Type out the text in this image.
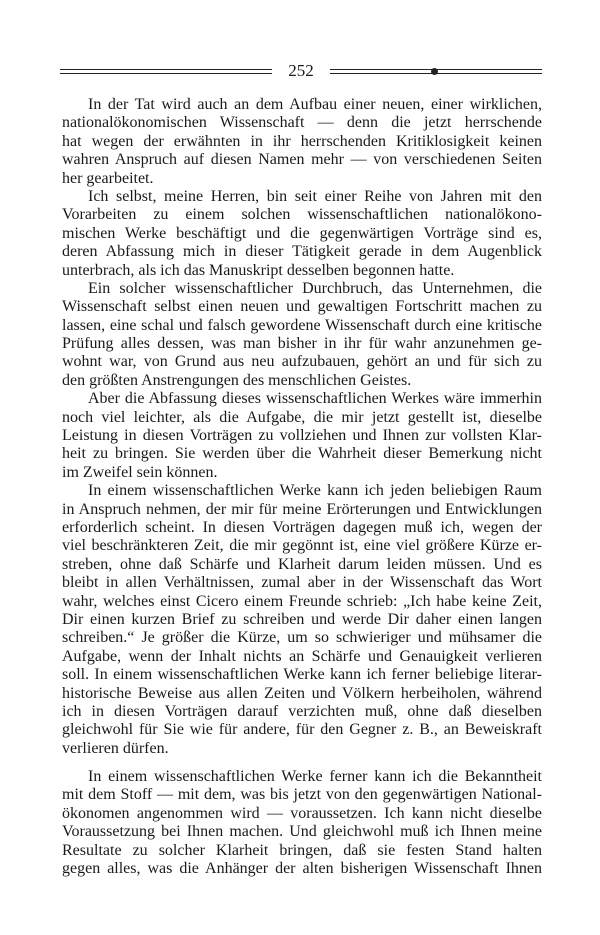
252
In der Tat wird auch an dem Aufbau einer neuen, einer wirklichen,
nationalökonomischen Wissenschaft — denn die jetzt herrschende
hat wegen der erwähnten in ihr herrschenden Kritiklosigkeit keinen
wahren Anspruch auf diesen Namen mehr — von verschiedenen Seiten
her gearbeitet.
Ich selbst, meine Herren, bin seit einer Reihe von Jahren mit den
Vorarbeiten zu einem solchen wissenschaftlichen nationalökono-
mischen Werke beschäftigt und die gegenwärtigen Vorträge sind es,
deren Abfassung mich in dieser Tätigkeit gerade in dem Augenblick
unterbrach, als ich das Manuskript desselben begonnen hatte.
Ein solcher wissenschaftlicher Durchbruch, das Unternehmen, die
Wissenschaft selbst einen neuen und gewaltigen Fortschritt machen zu
lassen, eine schal und falsch gewordene Wissenschaft durch eine kritische
Prüfung alles dessen, was man bisher in ihr für wahr anzunehmen ge-
wohnt war, von Grund aus neu aufzubauen, gehört an und für sich zu
den größten Anstrengungen des menschlichen Geistes.
Aber die Abfassung dieses wissenschaftlichen Werkes wäre immerhin
noch viel leichter, als die Aufgabe, die mir jetzt gestellt ist, dieselbe
Leistung in diesen Vorträgen zu vollziehen und Ihnen zur vollsten Klar-
heit zu bringen. Sie werden über die Wahrheit dieser Bemerkung nicht
im Zweifel sein können.
In einem wissenschaftlichen Werke kann ich jeden beliebigen Raum
in Anspruch nehmen, der mir für meine Erörterungen und Entwicklungen
erforderlich scheint. In diesen Vorträgen dagegen muß ich, wegen der
viel beschränkteren Zeit, die mir gegönnt ist, eine viel größere Kürze er-
streben, ohne daß Schärfe und Klarheit darum leiden müssen. Und es
bleibt in allen Verhältnissen, zumal aber in der Wissenschaft das Wort
wahr, welches einst Cicero einem Freunde schrieb: „Ich habe keine Zeit,
Dir einen kurzen Brief zu schreiben und werde Dir daher einen langen
schreiben.“ Je größer die Kürze, um so schwieriger und mühsamer die
Aufgabe, wenn der Inhalt nichts an Schärfe und Genauigkeit verlieren
soll. In einem wissenschaftlichen Werke kann ich ferner beliebige literar-
historische Beweise aus allen Zeiten und Völkern herbeiholen, während
ich in diesen Vorträgen darauf verzichten muß, ohne daß dieselben
gleichwohl für Sie wie für andere, für den Gegner z. B., an Beweiskraft
verlieren dürfen.
In einem wissenschaftlichen Werke ferner kann ich die Bekanntheit
mit dem Stoff — mit dem, was bis jetzt von den gegenwärtigen National-
ökonomen angenommen wird — voraussetzen. Ich kann nicht dieselbe
Voraussetzung bei Ihnen machen. Und gleichwohl muß ich Ihnen meine
Resultate zu solcher Klarheit bringen, daß sie festen Stand halten
gegen alles, was die Anhänger der alten bisherigen Wissenschaft Ihnen
